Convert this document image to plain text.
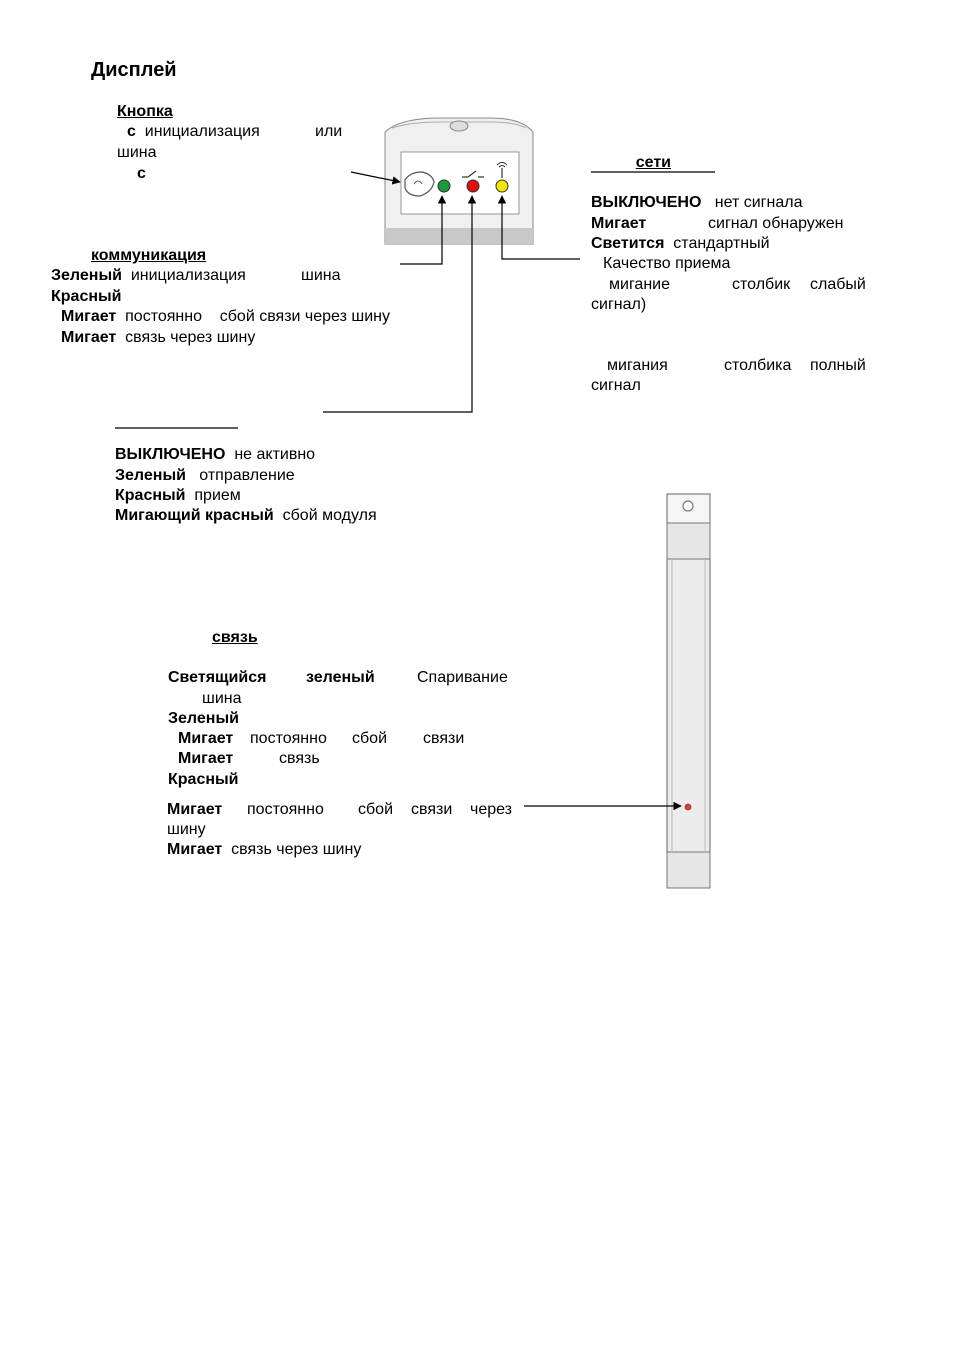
Дисплей
Кнопка
с инициализация	или
шина
с
сети
ВЫКЛЮЧЕНО нет сигнала
Мигает	сигнал обнаружен
Светится стандартный
Качество приема
мигание	столбик слабый
сигнал)
мигания	столбика полный
сигнал
коммуникация
Зеленый инициализация	шина
Красный
Мигает постоянно сбой связи через шину
Мигает связь через шину
ВЫКЛЮЧЕНО не активно
Зеленый отправление
Красный прием
Мигающий красный сбой модуля
связь
Светящийся зеленый	Спаривание
шина
Зеленый
Мигает постоянно сбой связи
Мигает	связь
Красный
Мигает постоянно сбой связи через
шину
Мигает связь через шину
